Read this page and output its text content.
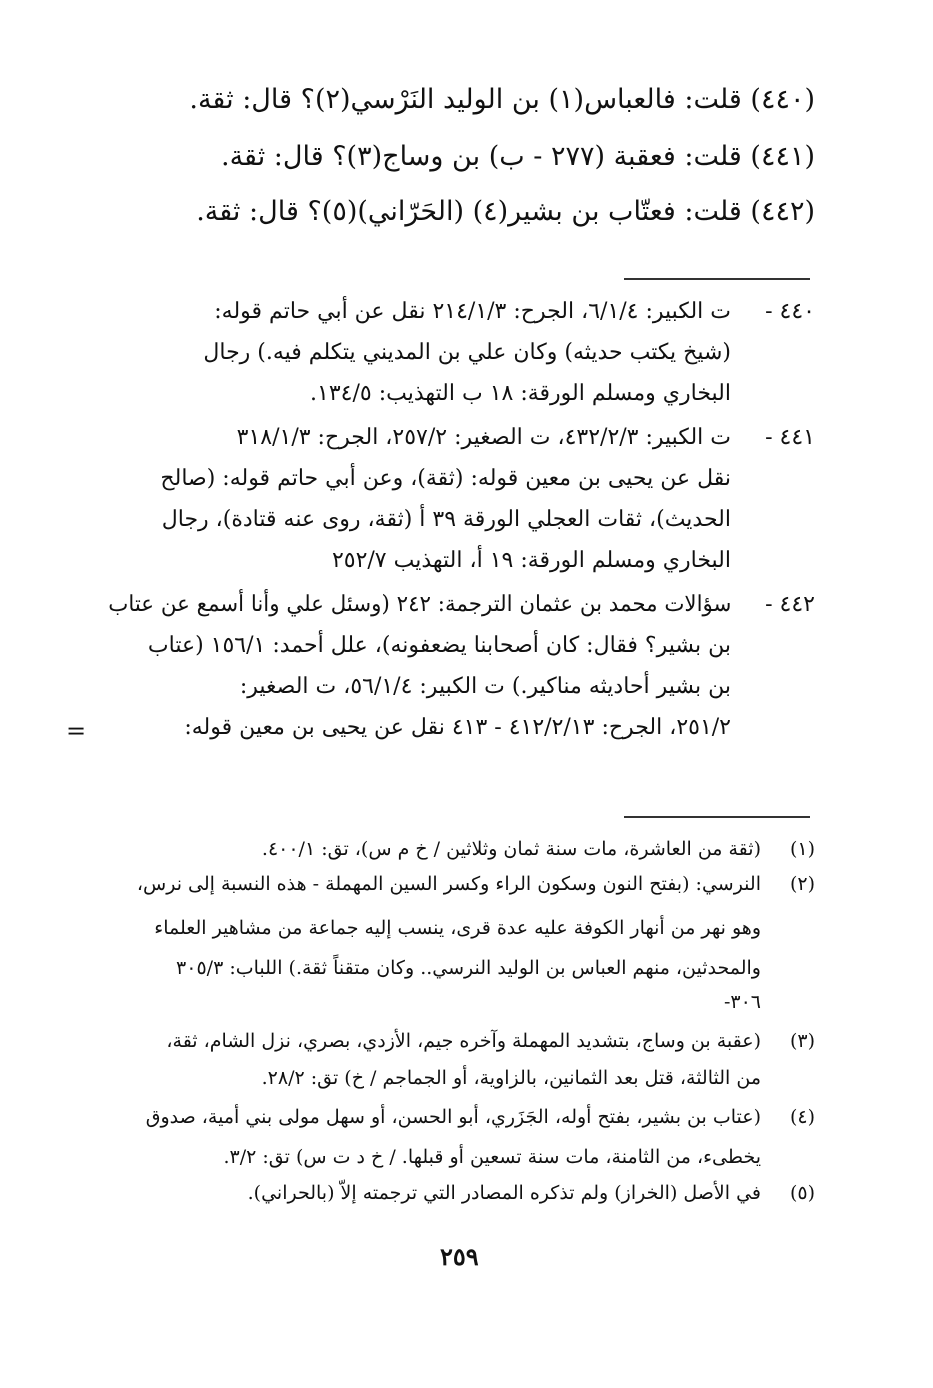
(٤٤٠) قلت: فالعباس(١) بن الوليد النَرْسي(٢)؟ قال: ثقة.
(٤٤١) قلت: فعقبة (٢٧٧ - ب) بن وساج(٣)؟ قال: ثقة.
(٤٤٢) قلت: فعتّاب بن بشير(٤) (الحَرّاني)(٥)؟ قال: ثقة.
٤٤٠ -
ت الكبير: ٦/١/٤، الجرح: ٢١٤/١/٣ نقل عن أبي حاتم قوله:
(شيخ يكتب حديثه) وكان علي بن المديني يتكلم فيه.) رجال
البخاري ومسلم الورقة: ١٨ ب التهذيب: ١٣٤/٥.
٤٤١ -
ت الكبير: ٤٣٢/٢/٣، ت الصغير: ٢٥٧/٢، الجرح: ٣١٨/١/٣
نقل عن يحيى بن معين قوله: (ثقة)، وعن أبي حاتم قوله: (صالح
الحديث)، ثقات العجلي الورقة ٣٩ أ (ثقة، روى عنه قتادة)، رجال
البخاري ومسلم الورقة: ١٩ أ، التهذيب ٢٥٢/٧
٤٤٢ -
سؤالات محمد بن عثمان الترجمة: ٢٤٢ (وسئل علي وأنا أسمع عن عتاب
بن بشير؟ فقال: كان أصحابنا يضعفونه)، علل أحمد: ١٥٦/١ (عتاب
بن بشير أحاديثه مناكير.) ت الكبير: ٥٦/١/٤، ت الصغير:
٢٥١/٢، الجرح: ٤١٢/٢/١٣ - ٤١٣ نقل عن يحيى بن معين قوله:
=
(١)
(ثقة من العاشرة، مات سنة ثمان وثلاثين / خ م س)، تق: ٤٠٠/١.
(٢)
النرسي: (بفتح النون وسكون الراء وكسر السين المهملة - هذه النسبة إلى نرس،
وهو نهر من أنهار الكوفة عليه عدة قرى، ينسب إليه جماعة من مشاهير العلماء
والمحدثين، منهم العباس بن الوليد النرسي.. وكان متقناً ثقة.) اللباب: ٣٠٥/٣
-٣٠٦
(٣)
(عقبة بن وساج، بتشديد المهملة وآخره جيم، الأزدي، بصري، نزل الشام، ثقة،
من الثالثة، قتل بعد الثمانين، بالزاوية، أو الجماجم / خ) تق: ٢٨/٢.
(٤)
(عتاب بن بشير، بفتح أوله، الجَزَري، أبو الحسن، أو سهل مولى بني أمية، صدوق
يخطىء، من الثامنة، مات سنة تسعين أو قبلها. / خ د ت س) تق: ٣/٢.
(٥)
في الأصل (الخراز) ولم تذكره المصادر التي ترجمته إلاّ (بالحراني).
٢٥٩
